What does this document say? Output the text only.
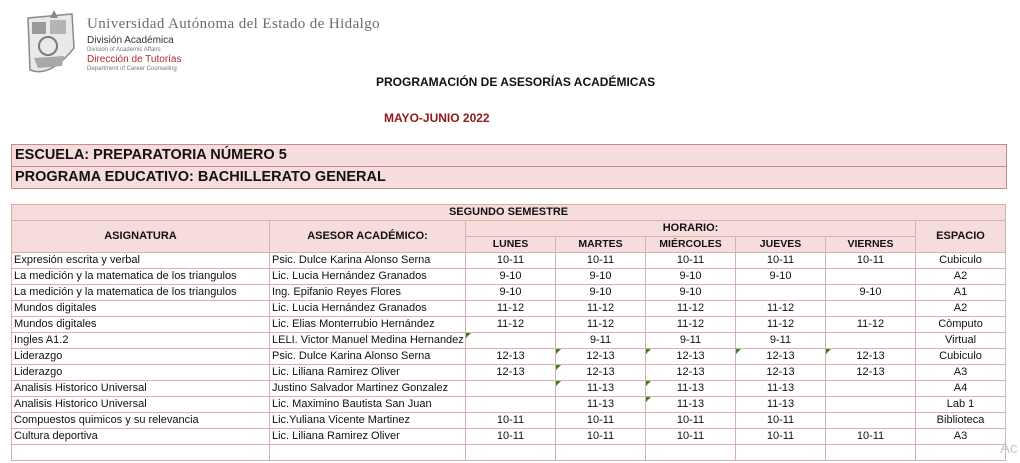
Universidad Autónoma del Estado de Hidalgo
División Académica
Division of Academic Affairs
Dirección de Tutorías
Department of Career Counseling
PROGRAMACIÓN DE ASESORÍAS ACADÉMICAS
MAYO-JUNIO 2022
ESCUELA: PREPARATORIA NÚMERO 5
PROGRAMA EDUCATIVO: BACHILLERATO GENERAL
SEGUNDO SEMESTRE							
ASIGNATURA	ASESOR ACADÉMICO:	HORARIO:					ESPACIO
		LUNES	MARTES	MIÉRCOLES	JUEVES	VIERNES	
Expresión escrita y verbal	Psic. Dulce Karina Alonso Serna	10-11	10-11	10-11	10-11	10-11	Cubiculo
La medición y la matematica de los triangulos	Lic. Lucia Hernández Granados	9-10	9-10	9-10	9-10		A2
La medición y la matematica de los triangulos	Ing. Epifanio Reyes Flores	9-10	9-10	9-10		9-10	A1
Mundos digitales	Lic. Lucia Hernández Granados	11-12	11-12	11-12	11-12		A2
Mundos digitales	Lic. Elias Monterrubio Hernández	11-12	11-12	11-12	11-12	11-12	Còmputo
Ingles A1.2	LELI. Victor Manuel Medina Hernandez		9-11	9-11	9-11		Virtual
Liderazgo	Psic. Dulce Karina Alonso Serna	12-13	12-13	12-13	12-13	12-13	Cubiculo
Liderazgo	Lic. Liliana Ramirez Oliver	12-13	12-13	12-13	12-13	12-13	A3
Analisis Historico Universal	Justino Salvador Martinez Gonzalez		11-13	11-13	11-13		A4
Analisis Historico Universal	Lic. Maximino Bautista San Juan		11-13	11-13	11-13		Lab 1
Compuestos quimicos y su relevancia	Lic.Yuliana Vicente Martinez	10-11	10-11	10-11	10-11		Biblioteca
Cultura deportiva	Lic. Liliana Ramirez Oliver	10-11	10-11	10-11	10-11	10-11	A3

Ac
